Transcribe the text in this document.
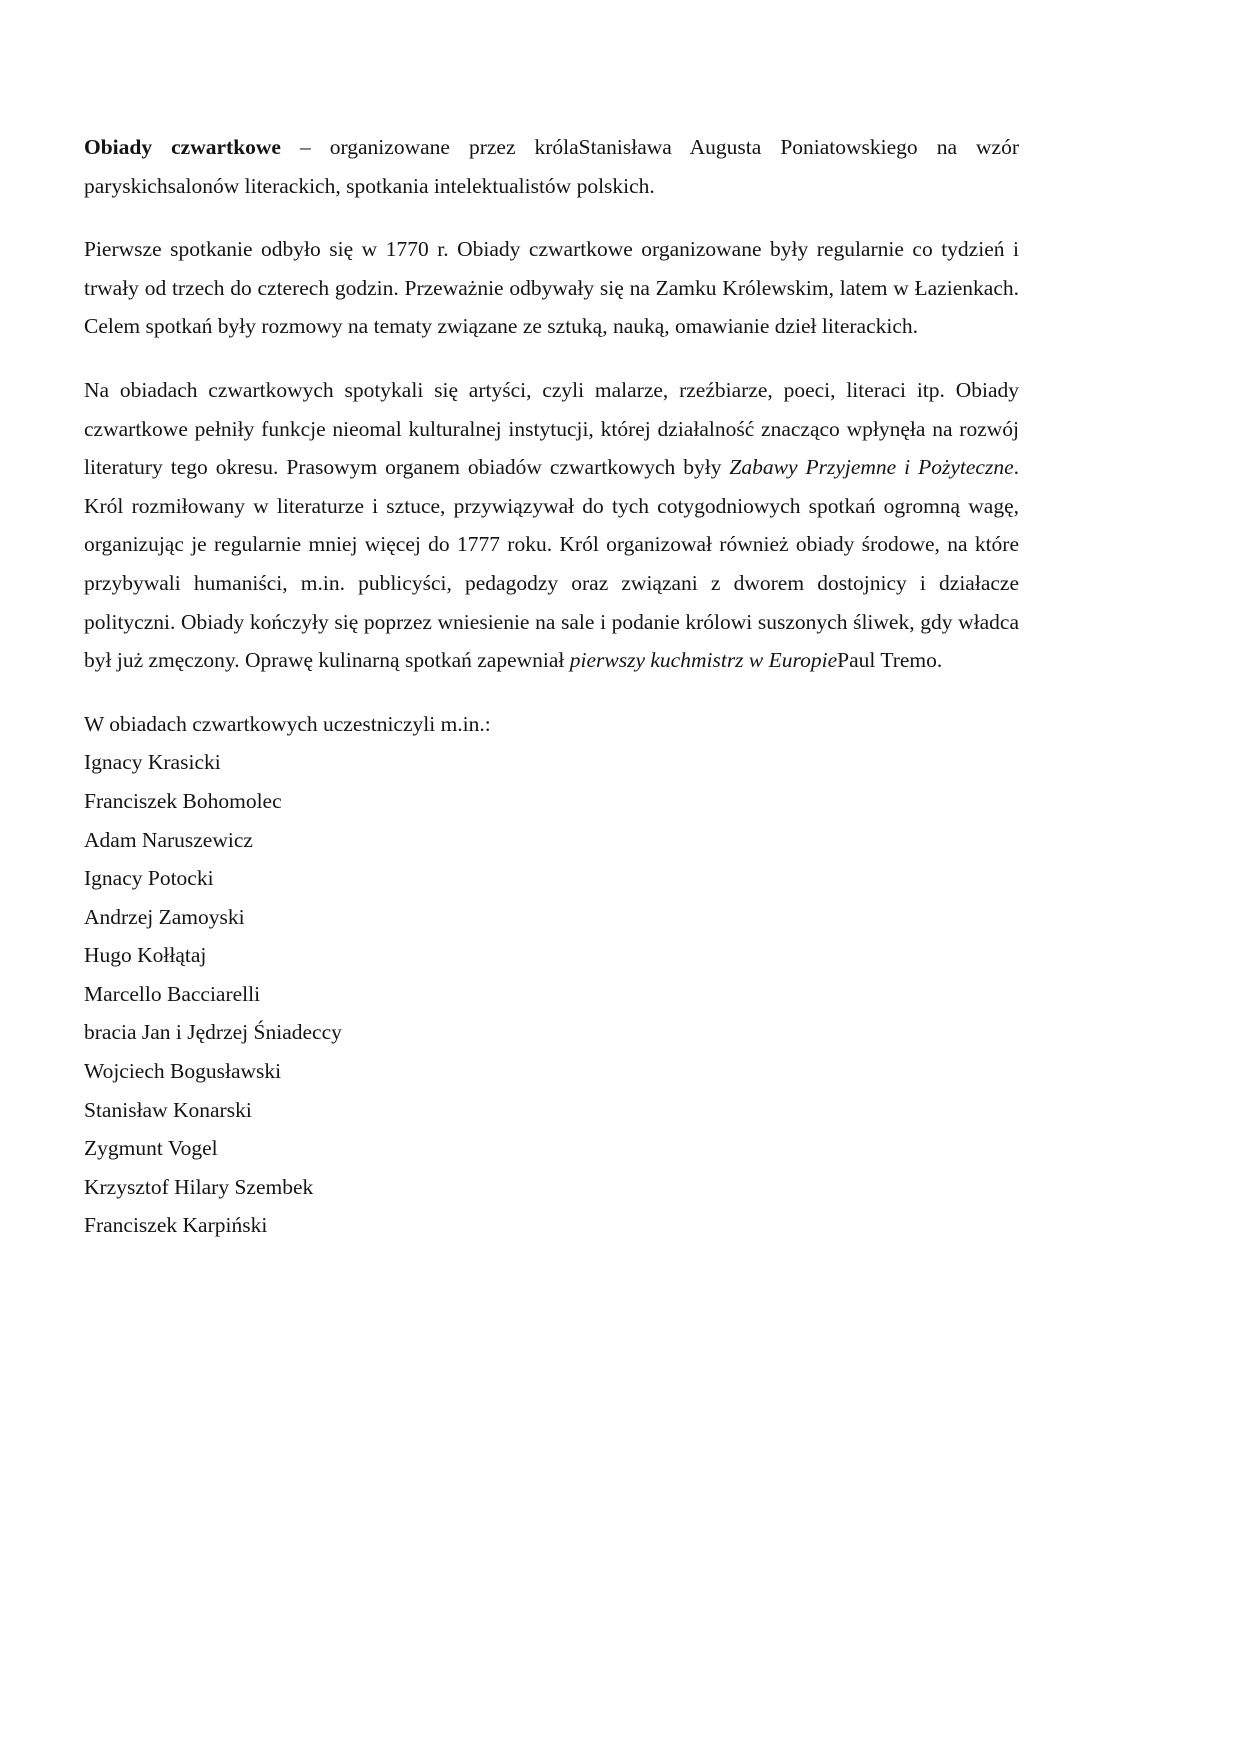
Obiady czwartkowe – organizowane przez królaStanisława Augusta Poniatowskiego na wzór paryskichsalonów literackich, spotkania intelektualistów polskich.

Pierwsze spotkanie odbyło się w 1770 r. Obiady czwartkowe organizowane były regularnie co tydzień i trwały od trzech do czterech godzin. Przeważnie odbywały się na Zamku Królewskim, latem w Łazienkach. Celem spotkań były rozmowy na tematy związane ze sztuką, nauką, omawianie dzieł literackich.

Na obiadach czwartkowych spotykali się artyści, czyli malarze, rzeźbiarze, poeci, literaci itp. Obiady czwartkowe pełniły funkcje nieomal kulturalnej instytucji, której działalność znacząco wpłynęła na rozwój literatury tego okresu. Prasowym organem obiadów czwartkowych były Zabawy Przyjemne i Pożyteczne. Król rozmiłowany w literaturze i sztuce, przywiązywał do tych cotygodniowych spotkań ogromną wagę, organizując je regularnie mniej więcej do 1777 roku. Król organizował również obiady środowe, na które przybywali humaniści, m.in. publicyści, pedagodzy oraz związani z dworem dostojnicy i działacze polityczni. Obiady kończyły się poprzez wniesienie na sale i podanie królowi suszonych śliwek, gdy władca był już zmęczony. Oprawę kulinarną spotkań zapewniał pierwszy kuchmistrz w EuropiePaul Tremo.

W obiadach czwartkowych uczestniczyli m.in.:

Ignacy Krasicki
Franciszek Bohomolec
Adam Naruszewicz
Ignacy Potocki
Andrzej Zamoyski
Hugo Kołłątaj
Marcello Bacciarelli
bracia Jan i Jędrzej Śniadeccy
Wojciech Bogusławski
Stanisław Konarski
Zygmunt Vogel
Krzysztof Hilary Szembek
Franciszek Karpiński
